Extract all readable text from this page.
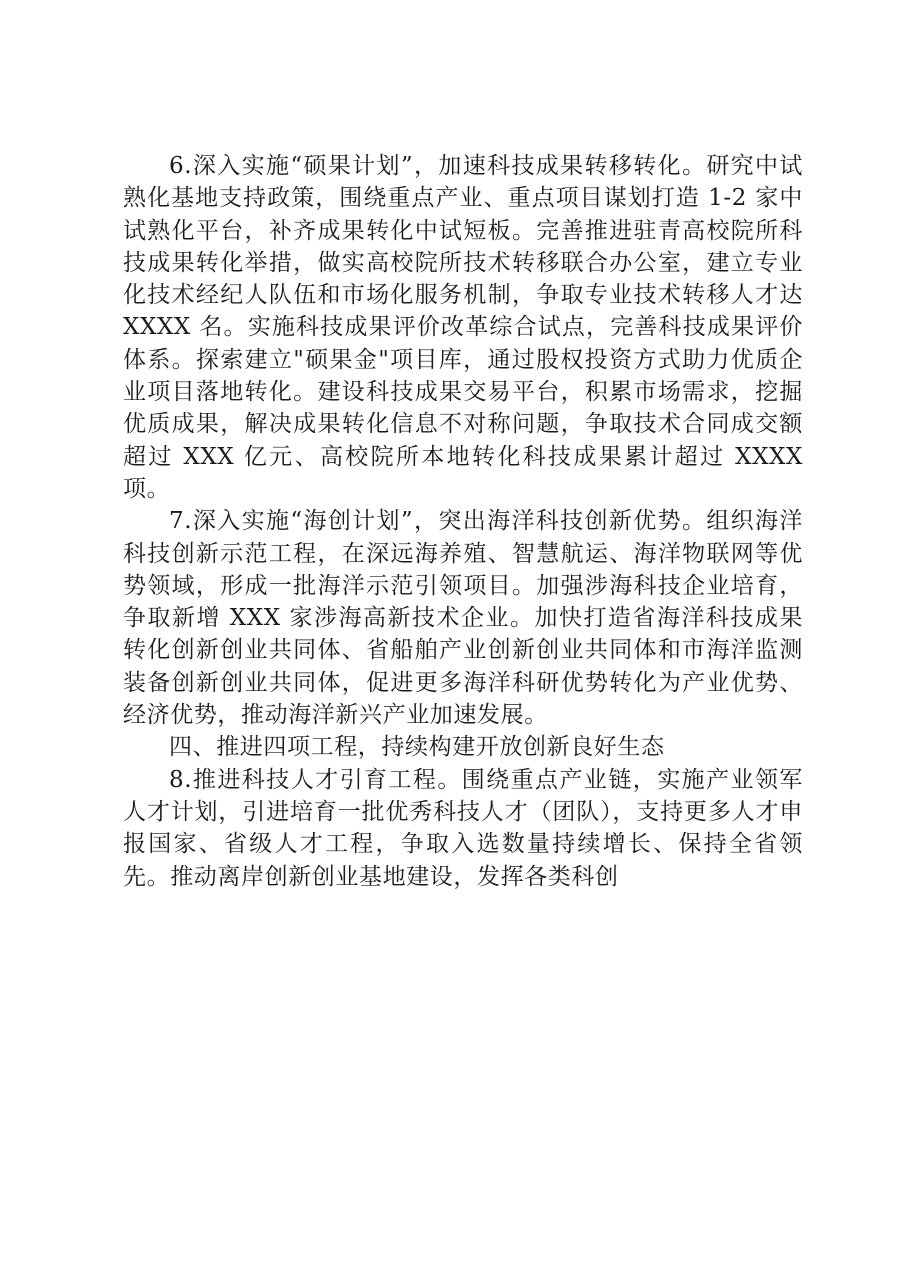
6.深入实施“硕果计划”，加速科技成果转移转化。研究中试熟化基地支持政策，围绕重点产业、重点项目谋划打造 1-2 家中试熟化平台，补齐成果转化中试短板。完善推进驻青高校院所科技成果转化举措，做实高校院所技术转移联合办公室，建立专业化技术经纪人队伍和市场化服务机制，争取专业技术转移人才达 XXXX 名。实施科技成果评价改革综合试点，完善科技成果评价体系。探索建立"硕果金"项目库，通过股权投资方式助力优质企业项目落地转化。建设科技成果交易平台，积累市场需求，挖掘优质成果，解决成果转化信息不对称问题，争取技术合同成交额超过 XXX 亿元、高校院所本地转化科技成果累计超过 XXXX 项。

7.深入实施“海创计划”，突出海洋科技创新优势。组织海洋科技创新示范工程，在深远海养殖、智慧航运、海洋物联网等优势领域，形成一批海洋示范引领项目。加强涉海科技企业培育，争取新增 XXX 家涉海高新技术企业。加快打造省海洋科技成果转化创新创业共同体、省船舶产业创新创业共同体和市海洋监测装备创新创业共同体，促进更多海洋科研优势转化为产业优势、经济优势，推动海洋新兴产业加速发展。

四、推进四项工程，持续构建开放创新良好生态

8.推进科技人才引育工程。围绕重点产业链，实施产业领军人才计划，引进培育一批优秀科技人才（团队），支持更多人才申报国家、省级人才工程，争取入选数量持续增长、保持全省领先。推动离岸创新创业基地建设，发挥各类科创
